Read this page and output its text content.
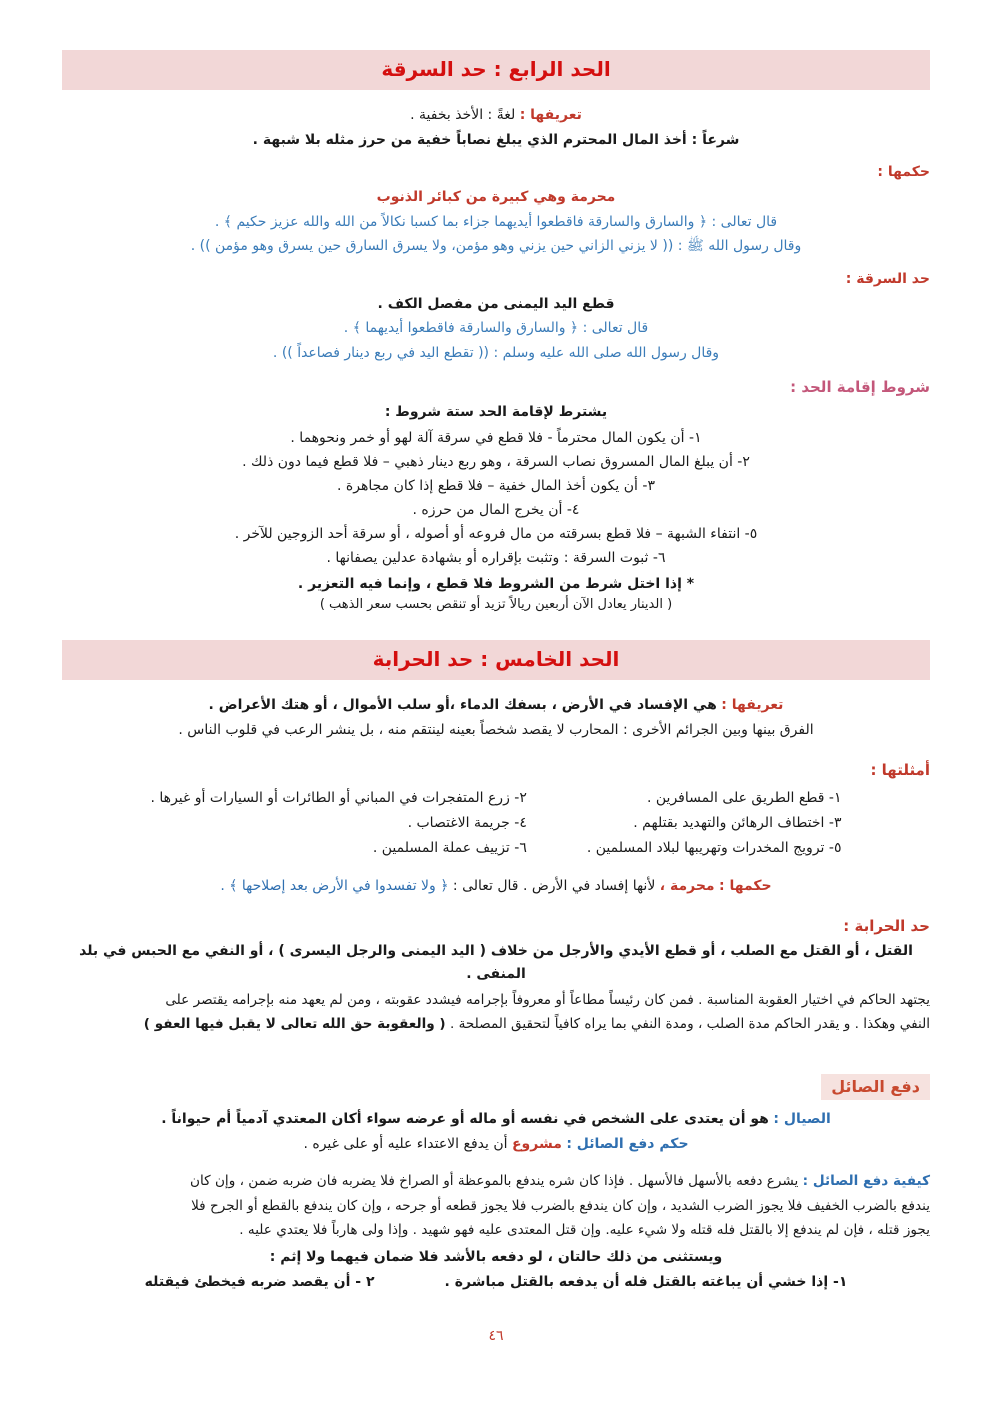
الحد الرابع : حد السرقة
تعريفها : لغةً : الأخذ بخفية .
شرعاً : أخذ المال المحترم الذي يبلغ نصاباً خفية من حرز مثله بلا شبهة .
حكمها :
محرمة وهي كبيرة من كبائر الذنوب
قال تعالى : ﴿ والسارق والسارقة فاقطعوا أيديهما جزاء بما كسبا نكالاً من الله والله عزيز حكيم ﴾ .
وقال رسول الله ﷺ : (( لا يزني الزاني حين يزني وهو مؤمن، ولا يسرق السارق حين يسرق وهو مؤمن )) .
حد السرقة :
قطع اليد اليمنى من مفصل الكف .
قال تعالى : ﴿ والسارق والسارقة فاقطعوا أيديهما ﴾ .
وقال رسول الله صلى الله عليه وسلم : (( تقطع اليد في ربع دينار فصاعداً )) .
شروط إقامة الحد :
يشترط لإقامة الحد ستة شروط :
١- أن يكون المال محترماً - فلا قطع في سرقة آلة لهو أو خمر ونحوهما .
٢- أن يبلغ المال المسروق نصاب السرقة ، وهو ربع دينار ذهبي – فلا قطع فيما دون ذلك .
٣- أن يكون أخذ المال خفية – فلا قطع إذا كان مجاهرة .
٤- أن يخرج المال من حرزه .
٥- انتفاء الشبهة – فلا قطع بسرقته من مال فروعه أو أصوله ، أو سرقة أحد الزوجين للآخر .
٦- ثبوت السرقة : وتثبت بإقراره أو بشهادة عدلين يصفانها .
* إذا اختل شرط من الشروط فلا قطع ، وإنما فيه التعزير .
( الدينار يعادل الآن أربعين ريالاً تزيد أو تنقص بحسب سعر الذهب )
الحد الخامس : حد الحرابة
تعريفها : هي الإفساد في الأرض ، بسفك الدماء ،أو سلب الأموال ، أو هتك الأعراض .
الفرق بينها وبين الجرائم الأخرى : المحارب لا يقصد شخصاً بعينه لينتقم منه ، بل ينشر الرعب في قلوب الناس .
أمثلتها :
١- قطع الطريق على المسافرين .
٣- اختطاف الرهائن والتهديد بقتلهم .
٥- ترويج المخدرات وتهريبها لبلاد المسلمين .
٢- زرع المتفجرات في المباني أو الطائرات أو السيارات أو غيرها .
٤- جريمة الاغتصاب .
٦- تزييف عملة المسلمين .
حكمها : محرمة ، لأنها إفساد في الأرض . قال تعالى : ﴿ ولا تفسدوا في الأرض بعد إصلاحها ﴾ .
حد الحرابة :
القتل ، أو القتل مع الصلب ، أو قطع الأيدي والأرجل من خلاف ( اليد اليمنى والرجل اليسرى ) ، أو النفي مع الحبس في بلد المنفى .
يجتهد الحاكم في اختيار العقوبة المناسبة . فمن كان رئيساً مطاعاً أو معروفاً بإجرامه فيشدد عقوبته ، ومن لم يعهد منه بإجرامه يقتصر على
النفي وهكذا . و يقدر الحاكم مدة الصلب ، ومدة النفي بما يراه كافياً لتحقيق المصلحة . ( والعقوبة حق الله تعالى لا يقبل فيها العفو )
دفع الصائل
الصيال : هو أن يعتدى على الشخص في نفسه أو ماله أو عرضه سواء أكان المعتدي آدمياً أم حيواناً .
حكم دفع الصائل : مشروع أن يدفع الاعتداء عليه أو على غيره .
كيفية دفع الصائل : يشرع دفعه بالأسهل فالأسهل . فإذا كان شره يندفع بالموعظة أو الصراخ فلا يضربه فان ضربه ضمن ، وإن كان
يندفع بالضرب الخفيف فلا يجوز الضرب الشديد ، وإن كان يندفع بالضرب فلا يجوز قطعه أو جرحه ، وإن كان يندفع بالقطع أو الجرح فلا
يجوز قتله ، فإن لم يندفع إلا بالقتل فله قتله ولا شيء عليه. وإن قتل المعتدى عليه فهو شهيد . وإذا ولى هارباً فلا يعتدي عليه .
ويستثنى من ذلك حالتان ، لو دفعه بالأشد فلا ضمان فيهما ولا إثم :
١- إذا خشي أن يباغته بالقتل فله أن يدفعه بالقتل مباشرة .
٢ - أن يقصد ضربه فيخطئ فيقتله
٤٦
